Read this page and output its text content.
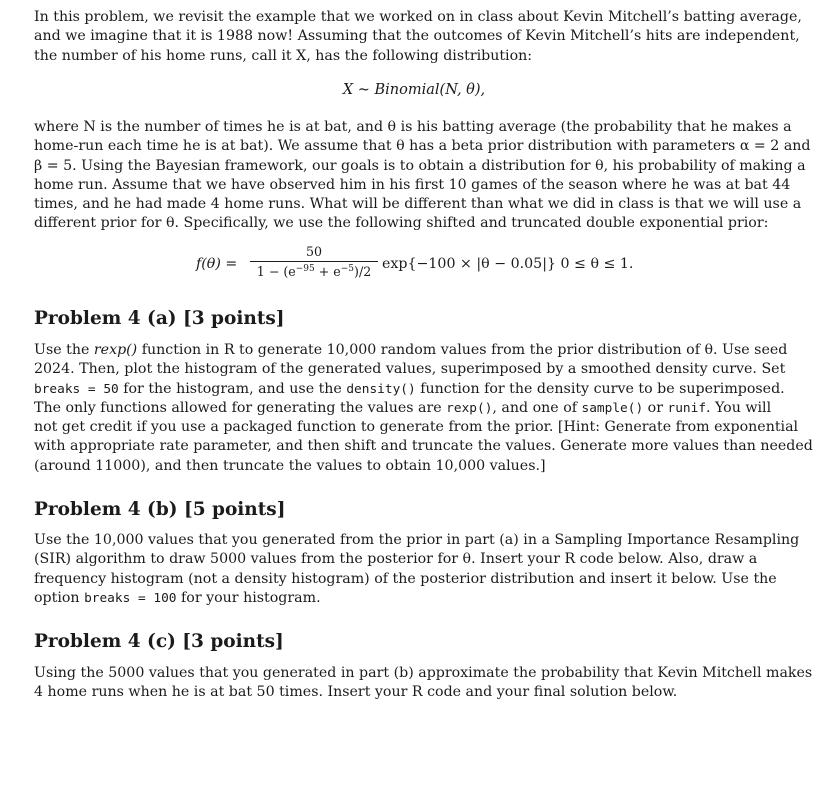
In this problem, we revisit the example that we worked on in class about Kevin Mitchell’s batting average,
and we imagine that it is 1988 now! Assuming that the outcomes of Kevin Mitchell’s hits are independent,
the number of his home runs, call it X, has the following distribution:

X ~ Binomial(N, θ),

where N is the number of times he is at bat, and θ is his batting average (the probability that he makes a
home-run each time he is at bat). We assume that θ has a beta prior distribution with parameters α = 2 and
β = 5. Using the Bayesian framework, our goals is to obtain a distribution for θ, his probability of making a
home run. Assume that we have observed him in his first 10 games of the season where he was at bat 44
times, and he had made 4 home runs. What will be different than what we did in class is that we will use a
different prior for θ. Specifically, we use the following shifted and truncated double exponential prior:

f(θ) =
50
$1 - (e^{-95} + e^{-5})/2$ exp{−100 × |θ − 0.05|} 0 ≤ θ ≤ 1.
Problem 4 (a) [3 points]

Use the rexp() function in R to generate 10,000 random values from the prior distribution of θ. Use seed
2024. Then, plot the histogram of the generated values, superimposed by a smoothed density curve. Set
breaks = 50 for the histogram, and use the density() function for the density curve to be superimposed.
The only functions allowed for generating the values are rexp(), and one of sample() or runif. You will
not get credit if you use a packaged function to generate from the prior. [Hint: Generate from exponential
with appropriate rate parameter, and then shift and truncate the values. Generate more values than needed
(around 11000), and then truncate the values to obtain 10,000 values.]

Problem 4 (b) [5 points]

Use the 10,000 values that you generated from the prior in part (a) in a Sampling Importance Resampling
(SIR) algorithm to draw 5000 values from the posterior for θ. Insert your R code below. Also, draw a
frequency histogram (not a density histogram) of the posterior distribution and insert it below. Use the
option breaks = 100 for your histogram.

Problem 4 (c) [3 points]

Using the 5000 values that you generated in part (b) approximate the probability that Kevin Mitchell makes
4 home runs when he is at bat 50 times. Insert your R code and your final solution below.
